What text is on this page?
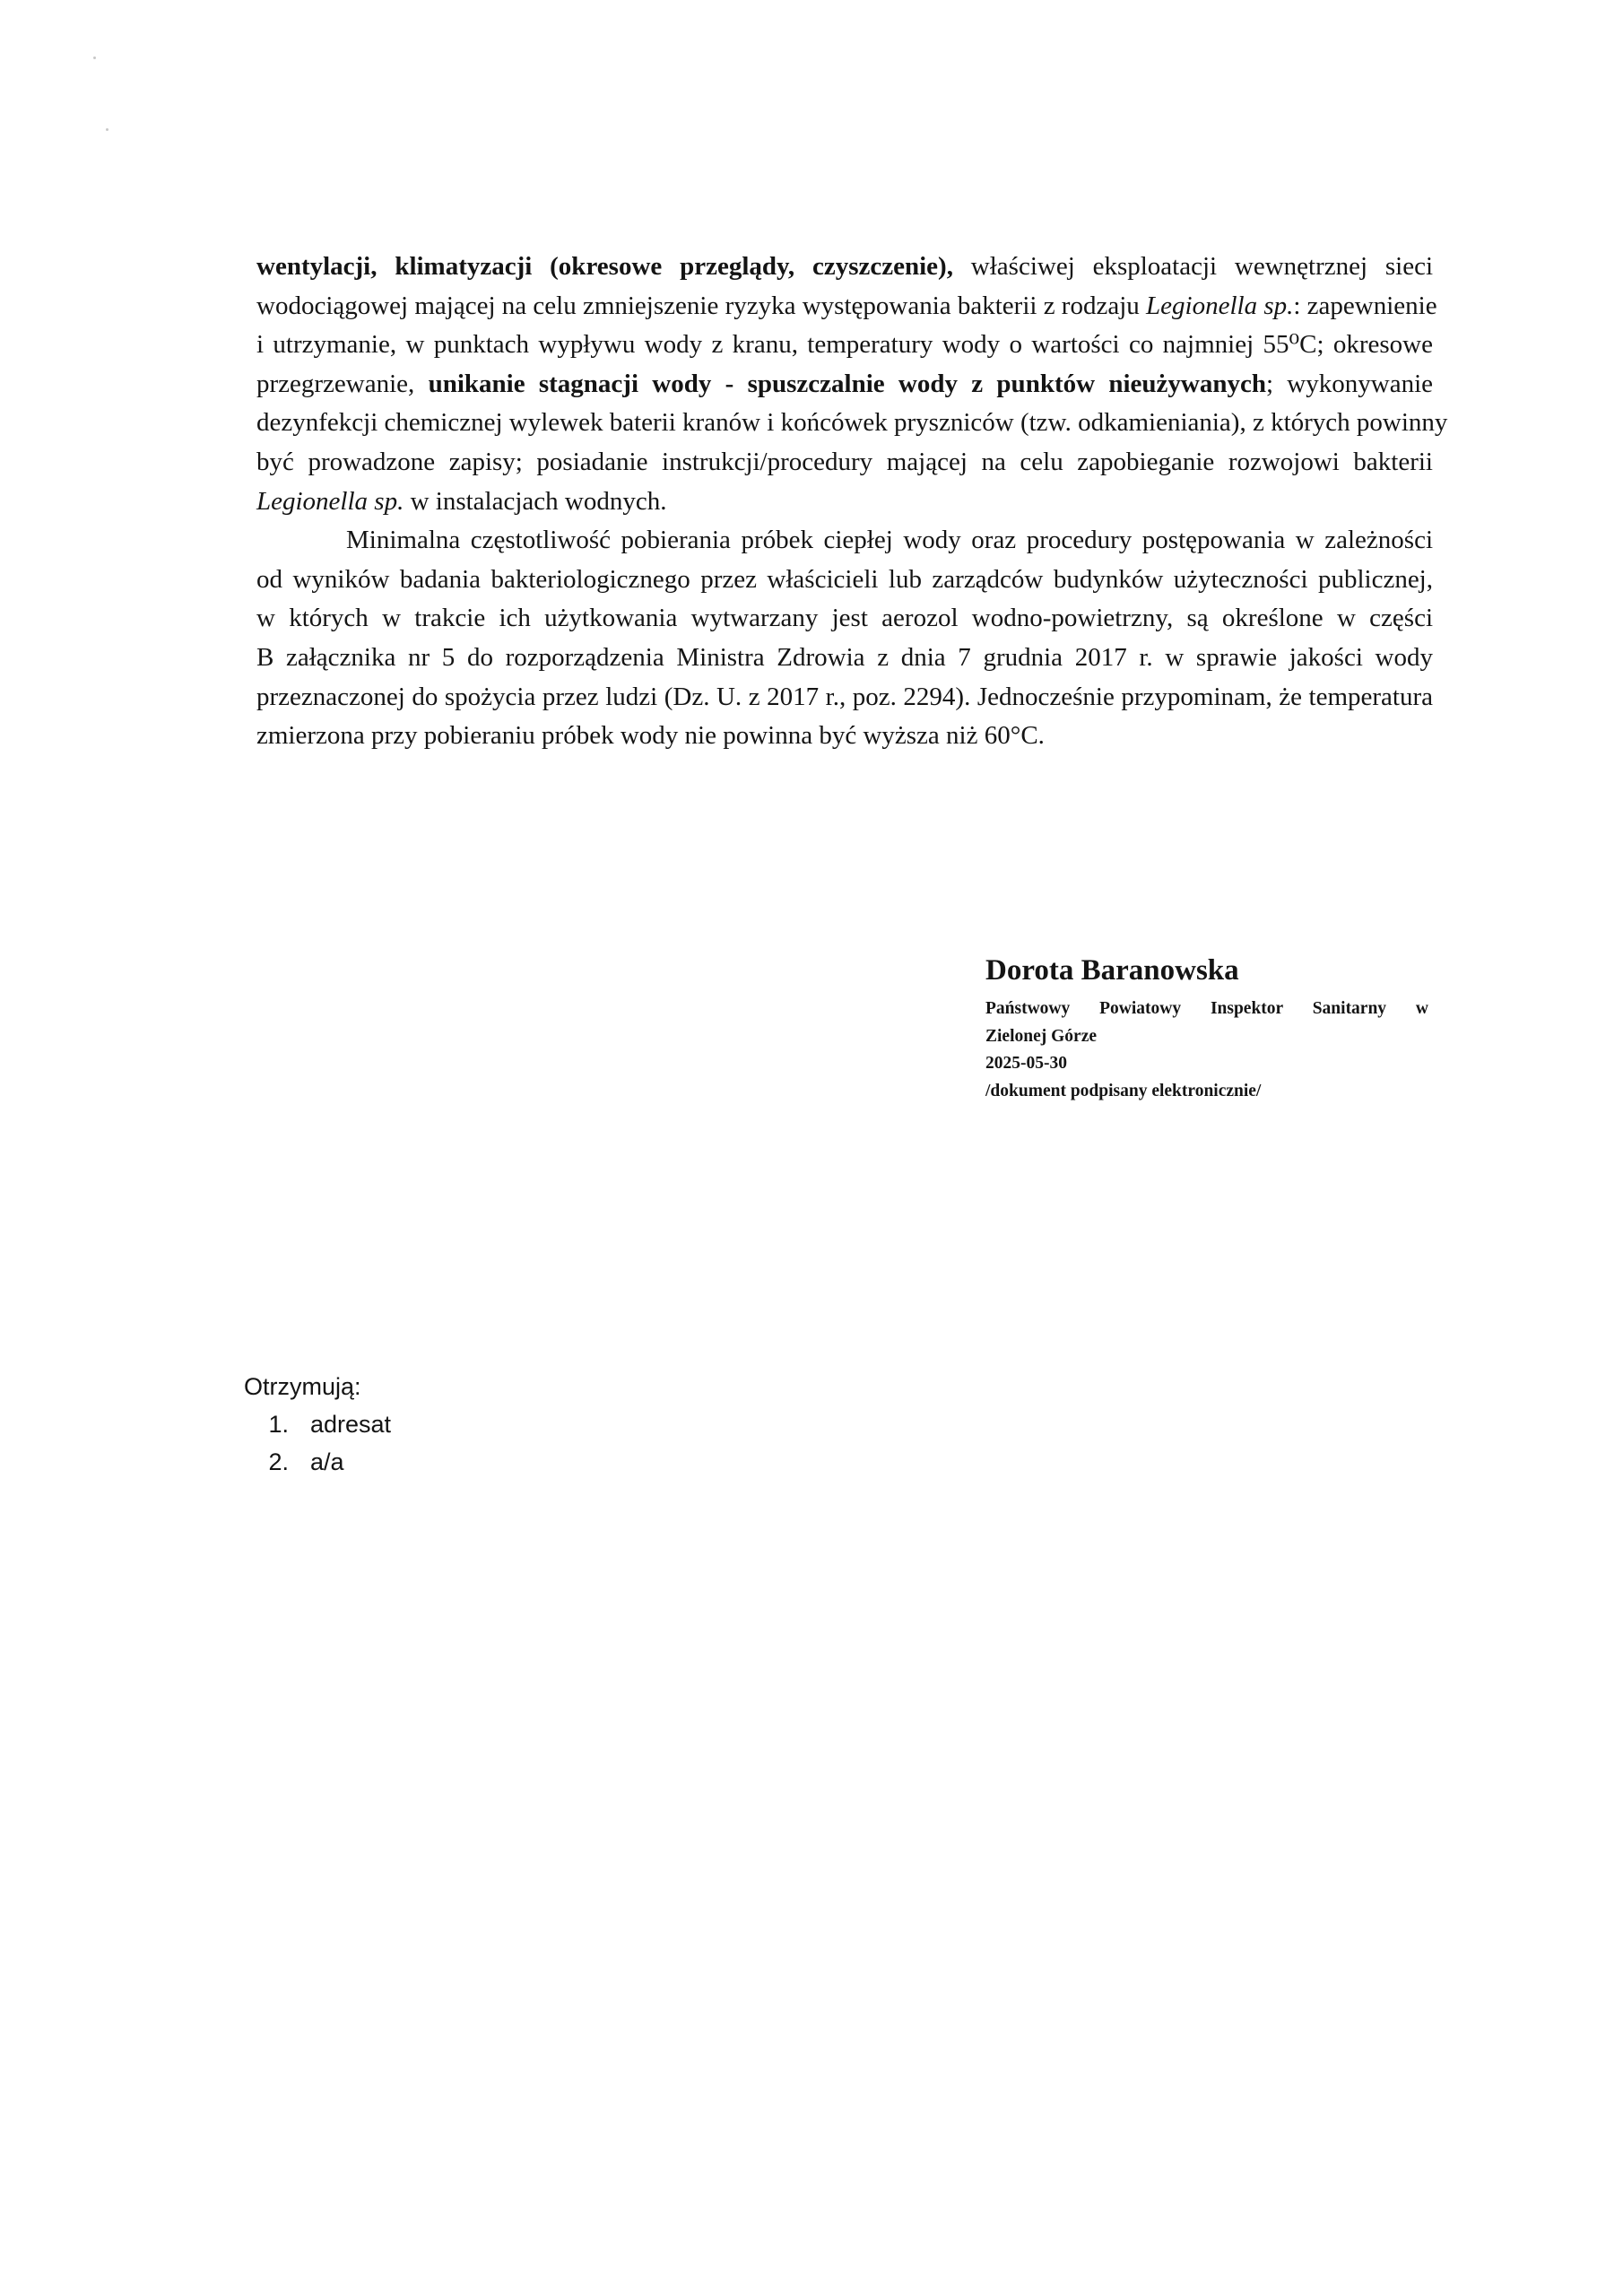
wentylacji, klimatyzacji (okresowe przeglądy, czyszczenie), właściwej eksploatacji wewnętrznej sieci
wodociągowej mającej na celu zmniejszenie ryzyka występowania bakterii z rodzaju Legionella sp.: zapewnienie
i utrzymanie, w punktach wypływu wody z kranu, temperatury wody o wartości co najmniej 55⁰C; okresowe
przegrzewanie, unikanie stagnacji wody - spuszczalnie wody z punktów nieużywanych; wykonywanie
dezynfekcji chemicznej wylewek baterii kranów i końcówek pryszniców (tzw. odkamieniania), z których powinny
być prowadzone zapisy; posiadanie instrukcji/procedury mającej na celu zapobieganie rozwojowi bakterii
Legionella sp. w instalacjach wodnych.

Minimalna częstotliwość pobierania próbek ciepłej wody oraz procedury postępowania w zależności
od wyników badania bakteriologicznego przez właścicieli lub zarządców budynków użyteczności publicznej,
w których w trakcie ich użytkowania wytwarzany jest aerozol wodno-powietrzny, są określone w części
B załącznika nr 5 do rozporządzenia Ministra Zdrowia z dnia 7 grudnia 2017 r. w sprawie jakości wody
przeznaczonej do spożycia przez ludzi (Dz. U. z 2017 r., poz. 2294). Jednocześnie przypominam, że temperatura
zmierzona przy pobieraniu próbek wody nie powinna być wyższa niż 60°C.

Dorota Baranowska
Państwowy Powiatowy Inspektor Sanitarny w
Zielonej Górze
2025-05-30
/dokument podpisany elektronicznie/
Otrzymują:
1. adresat
2. a/a
